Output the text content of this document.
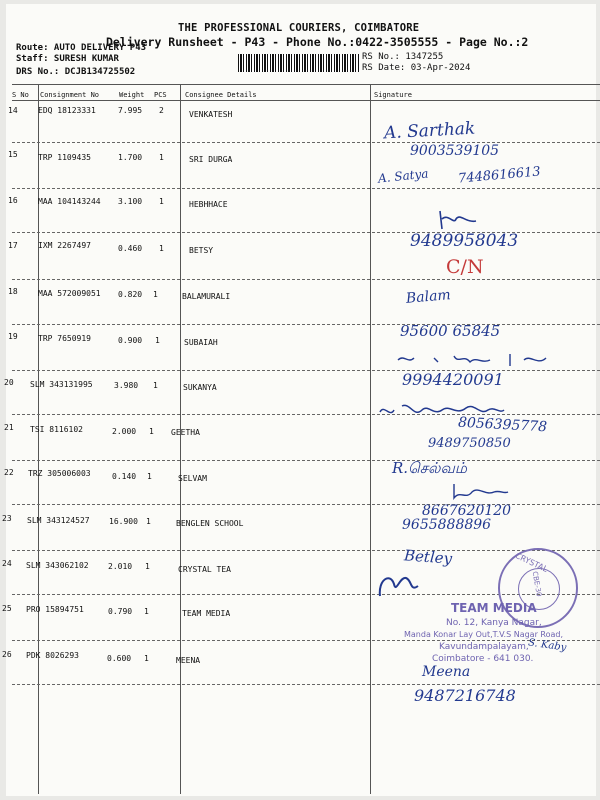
THE PROFESSIONAL COURIERS, COIMBATORE
Delivery Runsheet - P43 - Phone No.:0422-3505555 - Page No.:2
Route: AUTO DELIVERY P43
Staff: SURESH KUMAR
DRS No.: DCJB134725502
RS No.: 1347255
RS Date: 03-Apr-2024
S No Consignment No	Weight PCS	Consignee Details	Signature
14	EDQ 18123331	7.995 2	VENKATESH
15	TRP 1109435	1.700 1	SRI DURGA
16	MAA 104143244 3.100 1	HEBHHACE
17	IXM 2267497	0.460 1	BETSY
18	MAA 572009051 0.820 1	BALAMURALI
19	TRP 7650919	0.900 1	SUBAIAH
20 SLM 343131995	3.980 1	SUKANYA
21 TSI 8116102	2.000 1 GEETHA
22 TRZ 305006003	0.140 1	SELVAM
23 SLM 343124527 16.900 1	BENGLEN SCHOOL
24 SLM 343062102 2.010 1	CRYSTAL TEA
25 PRO 15894751	0.790 1	TEAM MEDIA
26 PDK 8026293	0.600 1	MEENA
A. Sarthak
9003539105
A. Satya 7448616613
9489958043
C/N
Balam
95600 65845
9994420091
8056395778
9489750850
R.செல்வம்
8667620120
9655888896
Betley	CRYSTAL
CBE-30
TEAM MEDIA
No. 12, Kanya Nagar,
Manda Konar Lay Out,T.V.S Nagar Road,
Kavundampalayam,
Coimbatore - 641 030.
S. Kaby
Meena
9487216748
